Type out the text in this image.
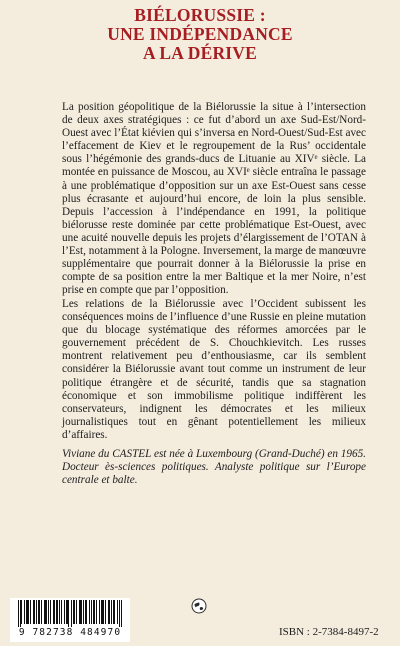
BIÉLORUSSIE :
UNE INDÉPENDANCE
A LA DÉRIVE

La position géopolitique de la Biélorussie la situe à l’intersection de deux axes stratégiques : ce fut d’abord un axe Sud-Est/Nord-Ouest avec l’État kiévien qui s’inversa en Nord-Ouest/Sud-Est avec l’effacement de Kiev et le regroupement de la Rus’ occidentale sous l’hégémonie des grands-ducs de Lituanie au XIVᵉ siècle. La montée en puissance de Moscou, au XVIᵉ siècle entraîna le passage à une problématique d’opposition sur un axe Est-Ouest sans cesse plus écrasante et aujourd’hui encore, de loin la plus sensible. Depuis l’accession à l’indépendance en 1991, la politique biélorusse reste dominée par cette problématique Est-Ouest, avec une acuité nouvelle depuis les projets d’élargissement de l’OTAN à l’Est, notamment à la Pologne. Inversement, la marge de manœuvre supplémentaire que pourrait donner à la Biélorussie la prise en compte de sa position entre la mer Baltique et la mer Noire, n’est prise en compte que par l’opposition.

Les relations de la Biélorussie avec l’Occident subissent les conséquences moins de l’influence d’une Russie en pleine mutation que du blocage systématique des réformes amorcées par le gouvernement précédent de S. Chouchkievitch. Les russes montrent relativement peu d’enthousiasme, car ils semblent considérer la Biélorussie avant tout comme un instrument de leur politique étrangère et de sécurité, tandis que sa stagnation économique et son immobilisme politique indiffèrent les conservateurs, indignent les démocrates et les milieux journalistiques tout en gênant potentiellement les milieux d’affaires.

Viviane du CASTEL est née à Luxembourg (Grand-Duché) en 1965. Docteur ès-sciences politiques. Analyste politique sur l’Europe centrale et balte.
9 782738 484970	ISBN : 2-7384-8497-2
